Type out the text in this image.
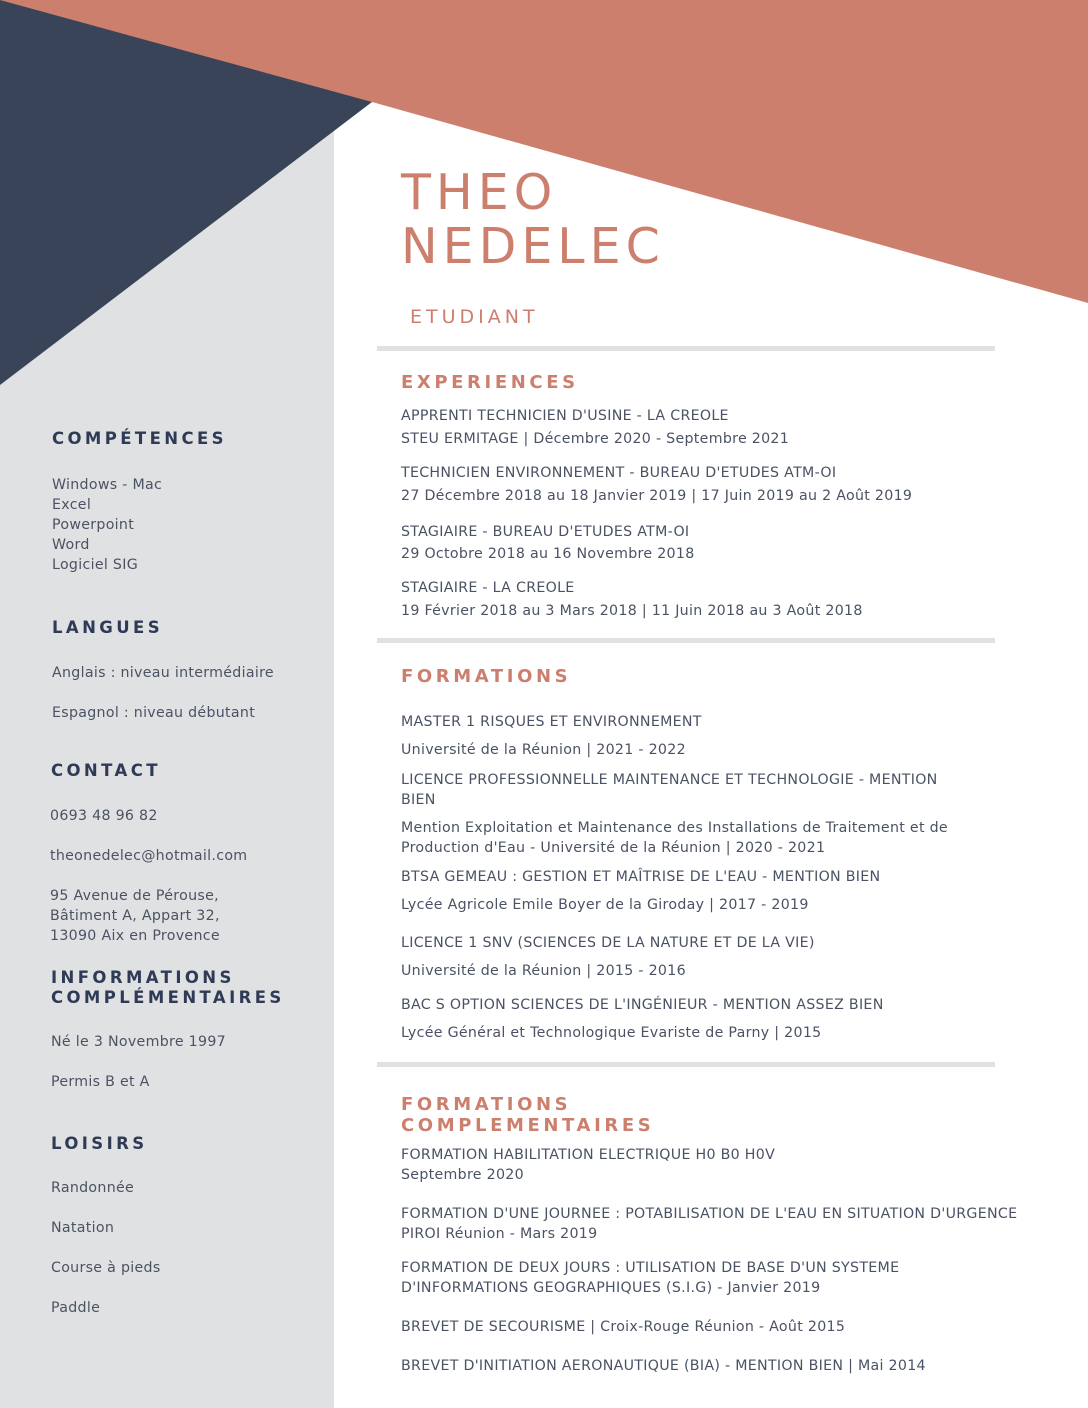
THEO
NEDELEC
ETUDIANT
EXPERIENCES
APPRENTI TECHNICIEN D'USINE - LA CREOLE
STEU ERMITAGE | Décembre 2020 - Septembre 2021
TECHNICIEN ENVIRONNEMENT - BUREAU D'ETUDES ATM-OI
27 Décembre 2018 au 18 Janvier 2019 | 17 Juin 2019 au 2 Août 2019
STAGIAIRE - BUREAU D'ETUDES ATM-OI
29 Octobre 2018 au 16 Novembre 2018
STAGIAIRE - LA CREOLE
19 Février 2018 au 3 Mars 2018 | 11 Juin 2018 au 3 Août 2018
FORMATIONS
MASTER 1 RISQUES ET ENVIRONNEMENT
Université de la Réunion | 2021 - 2022
LICENCE PROFESSIONNELLE MAINTENANCE ET TECHNOLOGIE - MENTION
BIEN
Mention Exploitation et Maintenance des Installations de Traitement et de
Production d'Eau - Université de la Réunion | 2020 - 2021
BTSA GEMEAU : GESTION ET MAÎTRISE DE L'EAU - MENTION BIEN
Lycée Agricole Emile Boyer de la Giroday | 2017 - 2019
LICENCE 1 SNV (SCIENCES DE LA NATURE ET DE LA VIE)
Université de la Réunion | 2015 - 2016
BAC S OPTION SCIENCES DE L'INGÉNIEUR - MENTION ASSEZ BIEN
Lycée Général et Technologique Evariste de Parny | 2015
FORMATIONS
COMPLEMENTAIRES
FORMATION HABILITATION ELECTRIQUE H0 B0 H0V
Septembre 2020
FORMATION D'UNE JOURNEE : POTABILISATION DE L'EAU EN SITUATION D'URGENCE
PIROI Réunion - Mars 2019
FORMATION DE DEUX JOURS : UTILISATION DE BASE D'UN SYSTEME
D'INFORMATIONS GEOGRAPHIQUES (S.I.G) - Janvier 2019
BREVET DE SECOURISME | Croix-Rouge Réunion - Août 2015
BREVET D'INITIATION AERONAUTIQUE (BIA) - MENTION BIEN | Mai 2014
COMPÉTENCES
Windows - Mac
Excel
Powerpoint
Word
Logiciel SIG
LANGUES
Anglais : niveau intermédiaire
Espagnol : niveau débutant
CONTACT
0693 48 96 82
theonedelec@hotmail.com
95 Avenue de Pérouse,
Bâtiment A, Appart 32,
13090 Aix en Provence
INFORMATIONS
COMPLÉMENTAIRES
Né le 3 Novembre 1997
Permis B et A
LOISIRS
Randonnée
Natation
Course à pieds
Paddle
